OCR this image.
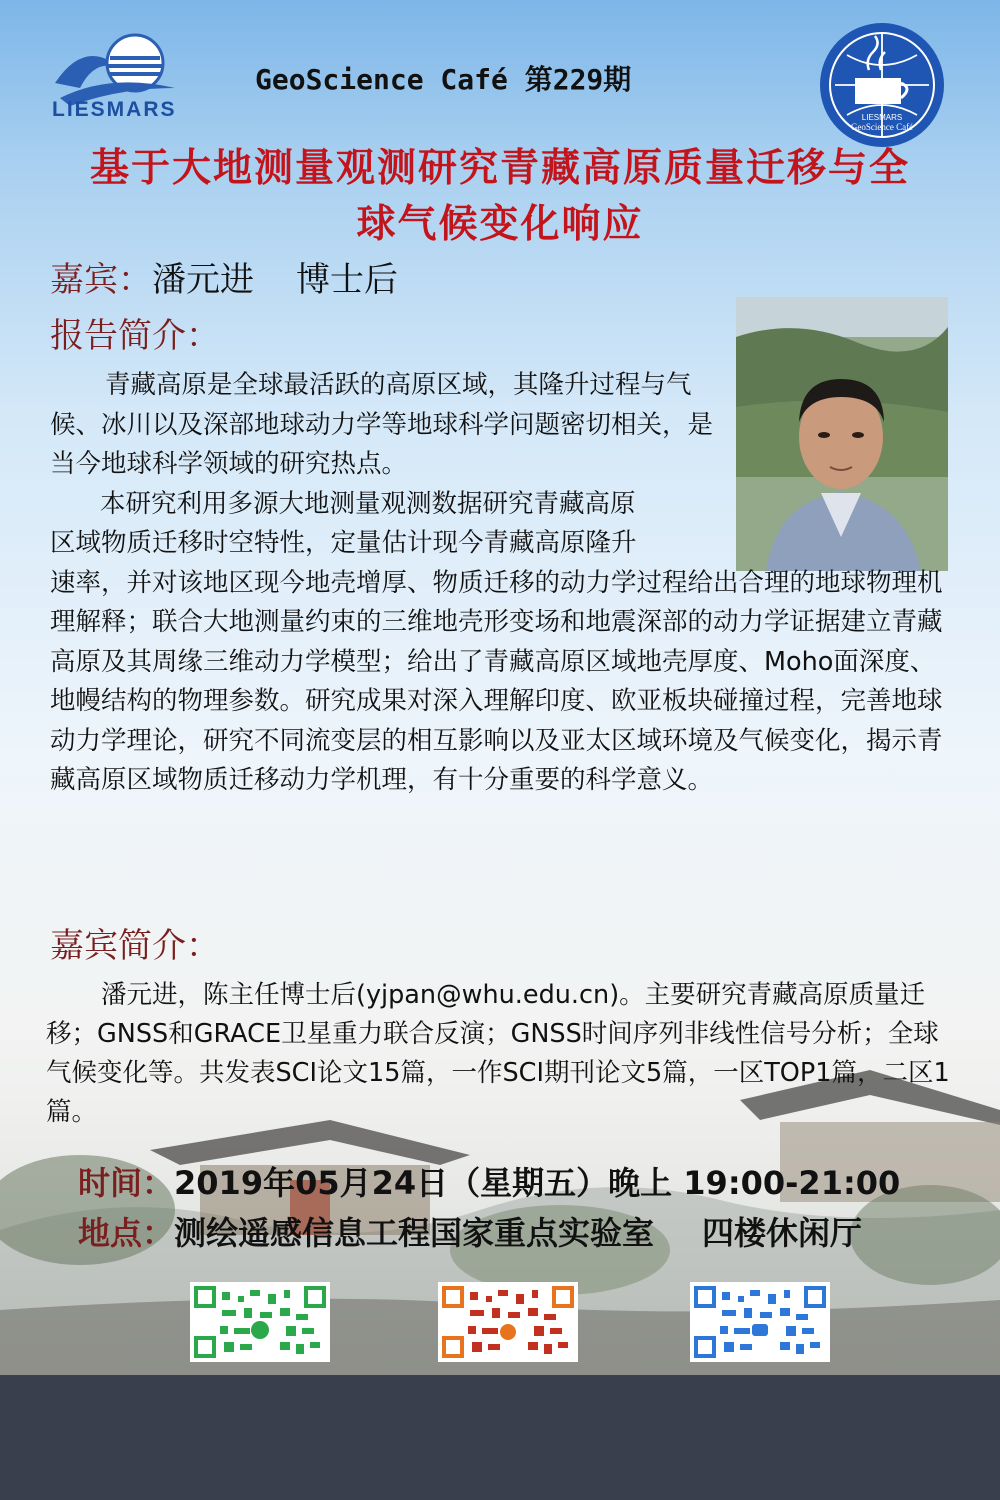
LIESMARS
GeoScience Café 第229期
LIESMARS
GeoScience Café
基于大地测量观测研究青藏高原质量迁移与全
球气候变化响应
嘉宾：潘元进 博士后
报告简介：

青藏高原是全球最活跃的高原区域，其隆升过程与气候、冰川以及深部地球动力学等地球科学问题密切相关，是当今地球科学领域的研究热点。

本研究利用多源大地测量观测数据研究青藏高原

区域物质迁移时空特性，定量估计现今青藏高原隆升

速率，并对该地区现今地壳增厚、物质迁移的动力学过程给出合理的地球物理机理解释；联合大地测量约束的三维地壳形变场和地震深部的动力学证据建立青藏高原及其周缘三维动力学模型；给出了青藏高原区域地壳厚度、Moho面深度、地幔结构的物理参数。研究成果对深入理解印度、欧亚板块碰撞过程，完善地球动力学理论，研究不同流变层的相互影响以及亚太区域环境及气候变化，揭示青藏高原区域物质迁移动力学机理，有十分重要的科学意义。

嘉宾简介：

潘元进，陈主任博士后(yjpan@whu.edu.cn)。主要研究青藏高原质量迁移；GNSS和GRACE卫星重力联合反演；GNSS时间序列非线性信号分析；全球气候变化等。共发表SCI论文15篇，一作SCI期刊论文5篇，一区TOP1篇，二区1篇。

时间：2019年05月24日（星期五）晚上 19:00-21:00
地点：测绘遥感信息工程国家重点实验室 四楼休闲厅
